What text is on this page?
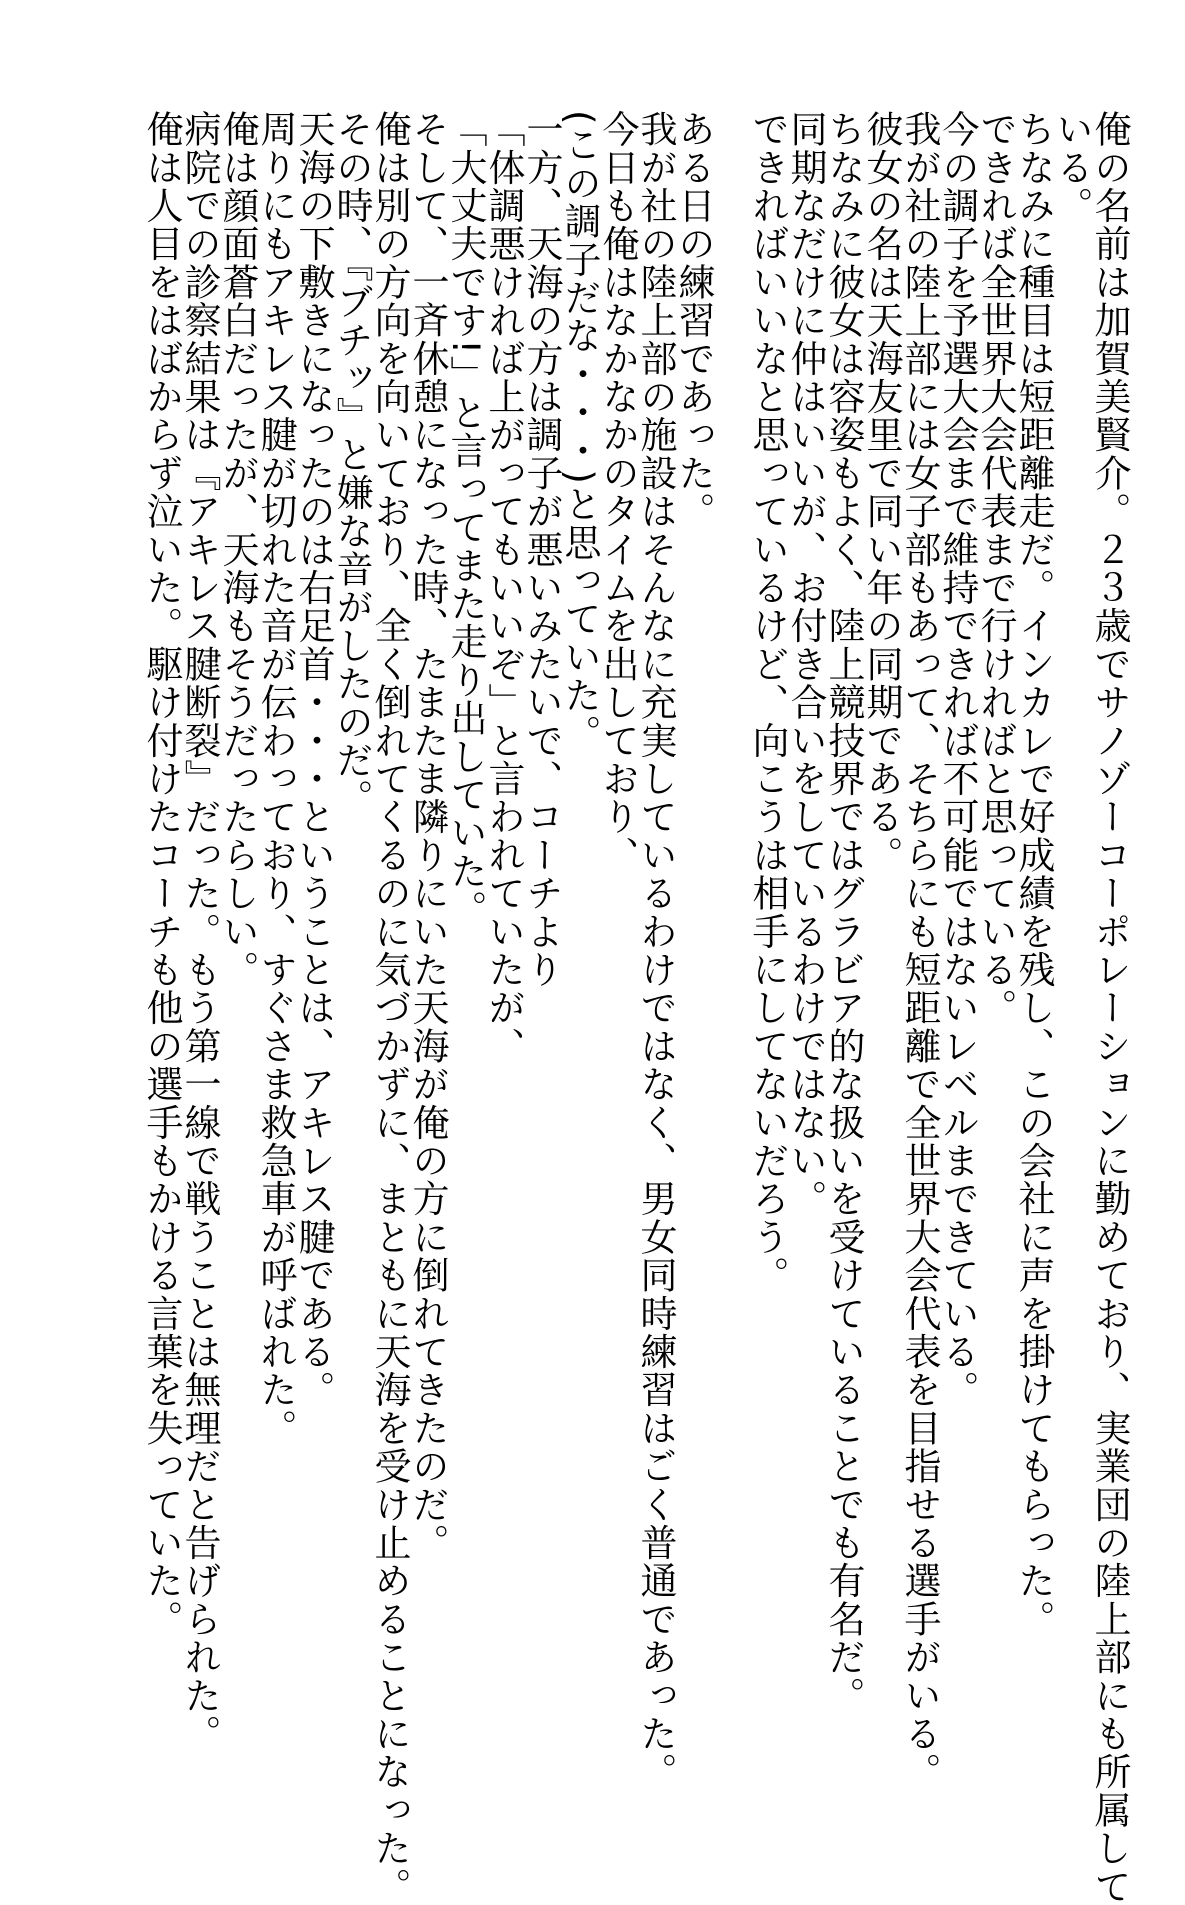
俺の名前は加賀美賢介。２３歳でサノゾーコーポレーションに勤めており、実業団の陸上部にも所属して
いる。
ちなみに種目は短距離走だ。インカレで好成績を残し、この会社に声を掛けてもらった。
できれば全世界大会代表まで行ければと思っている。
今の調子を予選大会まで維持できれば不可能ではないレベルまできている。
我が社の陸上部には女子部もあって、そちらにも短距離で全世界大会代表を目指せる選手がいる。
彼女の名は天海友里で同い年の同期である。
ちなみに彼女は容姿もよく、陸上競技界ではグラビア的な扱いを受けていることでも有名だ。
同期なだけに仲はいいが、お付き合いをしているわけではない。
できればいいなと思っているけど、向こうは相手にしてないだろう。
ある日の練習であった。
我が社の陸上部の施設はそんなに充実しているわけではなく、男女同時練習はごく普通であった。
今日も俺はなかなかのタイムを出しており、
(この調子だな・・・)と思っていた。
一方、天海の方は調子が悪いみたいで、コーチより
「体調悪ければ上がってもいいぞ」と言われていたが、
「大丈夫です!」と言ってまた走り出していた。
そして、一斉休憩になった時、たまたま隣りにいた天海が俺の方に倒れてきたのだ。
俺は別の方向を向いており、全く倒れてくるのに気づかずに、まともに天海を受け止めることになった。
その時、『ブチッ』と嫌な音がしたのだ。
天海の下敷きになったのは右足首・・・ということは、アキレス腱である。
周りにもアキレス腱が切れた音が伝わっており、すぐさま救急車が呼ばれた。
俺は顔面蒼白だったが、天海もそうだったらしい。
病院での診察結果は『アキレス腱断裂』だった。もう第一線で戦うことは無理だと告げられた。
俺は人目をはばからず泣いた。駆け付けたコーチも他の選手もかける言葉を失っていた。
